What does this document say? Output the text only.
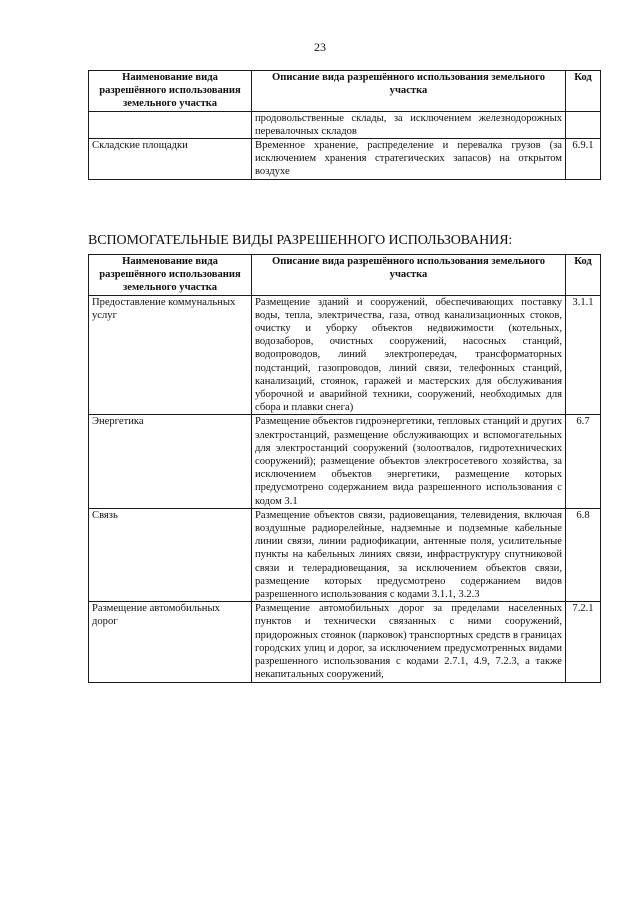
23
Наименование вида разрешённого использования земельного участка	Описание вида разрешённого использования земельного участка	Код
	продовольственные склады, за исключением железнодорожных перевалочных складов	
Складские площадки	Временное хранение, распределение и перевалка грузов (за исключением хранения стратегических запасов) на открытом воздухе	6.9.1
ВСПОМОГАТЕЛЬНЫЕ ВИДЫ РАЗРЕШЕННОГО ИСПОЛЬЗОВАНИЯ:
Наименование вида разрешённого использования земельного участка	Описание вида разрешённого использования земельного участка	Код
Предоставление коммунальных услуг	Размещение зданий и сооружений, обеспечивающих поставку воды, тепла, электричества, газа, отвод канализационных стоков, очистку и уборку объектов недвижимости (котельных, водозаборов, очистных сооружений, насосных станций, водопроводов, линий электропередач, трансформаторных подстанций, газопроводов, линий связи, телефонных станций, канализаций, стоянок, гаражей и мастерских для обслуживания уборочной и аварийной техники, сооружений, необходимых для сбора и плавки снега)	3.1.1
Энергетика	Размещение объектов гидроэнергетики, тепловых станций и других электростанций, размещение обслуживающих и вспомогательных для электростанций сооружений (золоотвалов, гидротехнических сооружений); размещение объектов электросетевого хозяйства, за исключением объектов энергетики, размещение которых предусмотрено содержанием вида разрешенного использования с кодом 3.1	6.7
Связь	Размещение объектов связи, радиовещания, телевидения, включая воздушные радиорелейные, надземные и подземные кабельные линии связи, линии радиофикации, антенные поля, усилительные пункты на кабельных линиях связи, инфраструктуру спутниковой связи и телерадиовещания, за исключением объектов связи, размещение которых предусмотрено содержанием видов разрешенного использования с кодами 3.1.1, 3.2.3	6.8
Размещение автомобильных дорог	Размещение автомобильных дорог за пределами населенных пунктов и технически связанных с ними сооружений, придорожных стоянок (парковок) транспортных средств в границах городских улиц и дорог, за исключением предусмотренных видами разрешенного использования с кодами 2.7.1, 4.9, 7.2.3, а также некапитальных сооружений,	7.2.1
